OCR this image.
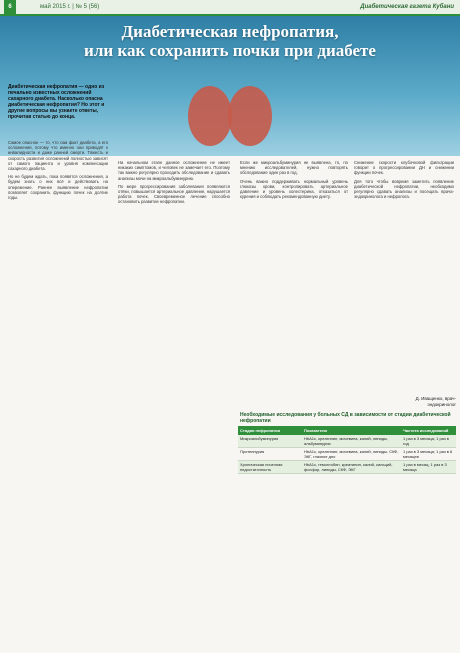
6	май 2015 г. | № 5 (56)	Диабетическая газета Кубани
Диабетическая нефропатия,
или как сохранить почки при диабете
Диабетическая нефропатия — одно из печально известных осложнений сахарного диабета. Насколько опасна диабетическая нефропатия? Но этот и другие вопросы вы узнаете ответы, прочитав статью до конца.

Самое опасное — то, что сам факт диабета, а его осложнения, потому что именно они приводят к инвалидности и даже ранней смерти. Тяжесть и скорость развития осложнений полностью зависят от самого пациента и уровня компенсации сахарного диабета.

Но не будем ждать, пока появятся осложнения, а будем знать о них всё и действовать на опережение. Раннее выявление нефропатии позволяет сохранить функцию почек на долгие годы.

На начальном этапе данное осложнение не имеет никаких симптомов, и человек не замечает его. Поэтому так важно регулярно проходить обследование и сдавать анализы мочи на микроальбуминурию.

По мере прогрессирования заболевания появляются отёки, повышается артериальное давление, нарушается работа почек. Своевременное лечение способно остановить развитие нефропатии.

Если же микроальбуминурия не выявлена, то, по мнению исследователей, нужно повторять обследование один раз в год.

Очень важно поддерживать нормальный уровень глюкозы крови, контролировать артериальное давление и уровень холестерина, отказаться от курения и соблюдать рекомендованную диету.

Снижение скорости клубочковой фильтрации говорит о прогрессировании ДН и снижении функции почек.

Для того чтобы вовремя заметить появление диабетической нефропатии, необходимо регулярно сдавать анализы и посещать врача-эндокринолога и нефролога.

Д. Иващенко, врач-эндокринолог
Необходимые исследования у больных СД в зависимости от стадии диабетической нефропатии
Стадия нефропатии	Показатели	Частота исследований
Микроальбуминурия	HbA1c, креатинин, мочевина, калий, липиды, альбуминурия	1 раз в 3 месяца; 1 раз в год
Протеинурия	HbA1c, креатинин, мочевина, калий, липиды, СКФ, ЭКГ, глазное дно	1 раз в 3 месяца; 1 раз в 6 месяцев
Хроническая почечная недостаточность	HbA1c, гемоглобин, креатинин, калий, кальций, фосфор, липиды, СКФ, ЭКГ	1 раз в месяц; 1 раз в 3 месяца
